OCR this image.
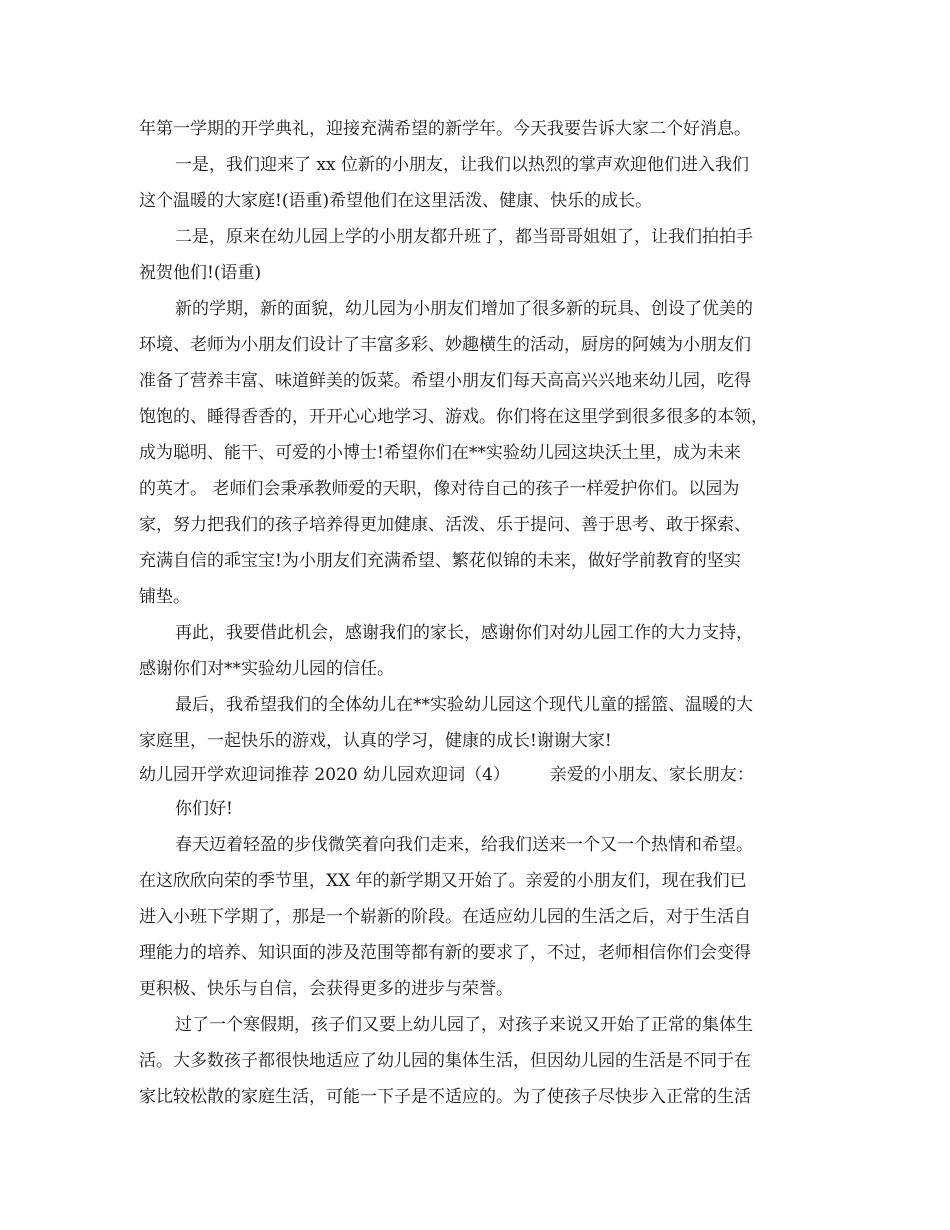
年第一学期的开学典礼，迎接充满希望的新学年。今天我要告诉大家二个好消息。
一是，我们迎来了 xx 位新的小朋友，让我们以热烈的掌声欢迎他们进入我们
这个温暖的大家庭!(语重)希望他们在这里活泼、健康、快乐的成长。
二是，原来在幼儿园上学的小朋友都升班了，都当哥哥姐姐了，让我们拍拍手
祝贺他们!(语重)
新的学期，新的面貌，幼儿园为小朋友们增加了很多新的玩具、创设了优美的
环境、老师为小朋友们设计了丰富多彩、妙趣横生的活动，厨房的阿姨为小朋友们
准备了营养丰富、味道鲜美的饭菜。希望小朋友们每天高高兴兴地来幼儿园，吃得
饱饱的、睡得香香的，开开心心地学习、游戏。你们将在这里学到很多很多的本领，
成为聪明、能干、可爱的小博士!希望你们在**实验幼儿园这块沃土里，成为未来
的英才。 老师们会秉承教师爱的天职，像对待自己的孩子一样爱护你们。以园为
家，努力把我们的孩子培养得更加健康、活泼、乐于提问、善于思考、敢于探索、
充满自信的乖宝宝!为小朋友们充满希望、繁花似锦的未来，做好学前教育的坚实
铺垫。
再此，我要借此机会，感谢我们的家长，感谢你们对幼儿园工作的大力支持，
感谢你们对**实验幼儿园的信任。
最后，我希望我们的全体幼儿在**实验幼儿园这个现代儿童的摇篮、温暖的大
家庭里，一起快乐的游戏，认真的学习，健康的成长!谢谢大家!
幼儿园开学欢迎词推荐 2020 幼儿园欢迎词（4） 亲爱的小朋友、家长朋友：
你们好!
春天迈着轻盈的步伐微笑着向我们走来，给我们送来一个又一个热情和希望。
在这欣欣向荣的季节里，XX 年的新学期又开始了。亲爱的小朋友们，现在我们已
进入小班下学期了，那是一个崭新的阶段。在适应幼儿园的生活之后，对于生活自
理能力的培养、知识面的涉及范围等都有新的要求了，不过，老师相信你们会变得
更积极、快乐与自信，会获得更多的进步与荣誉。
过了一个寒假期，孩子们又要上幼儿园了，对孩子来说又开始了正常的集体生
活。大多数孩子都很快地适应了幼儿园的集体生活，但因幼儿园的生活是不同于在
家比较松散的家庭生活，可能一下子是不适应的。为了使孩子尽快步入正常的生活
